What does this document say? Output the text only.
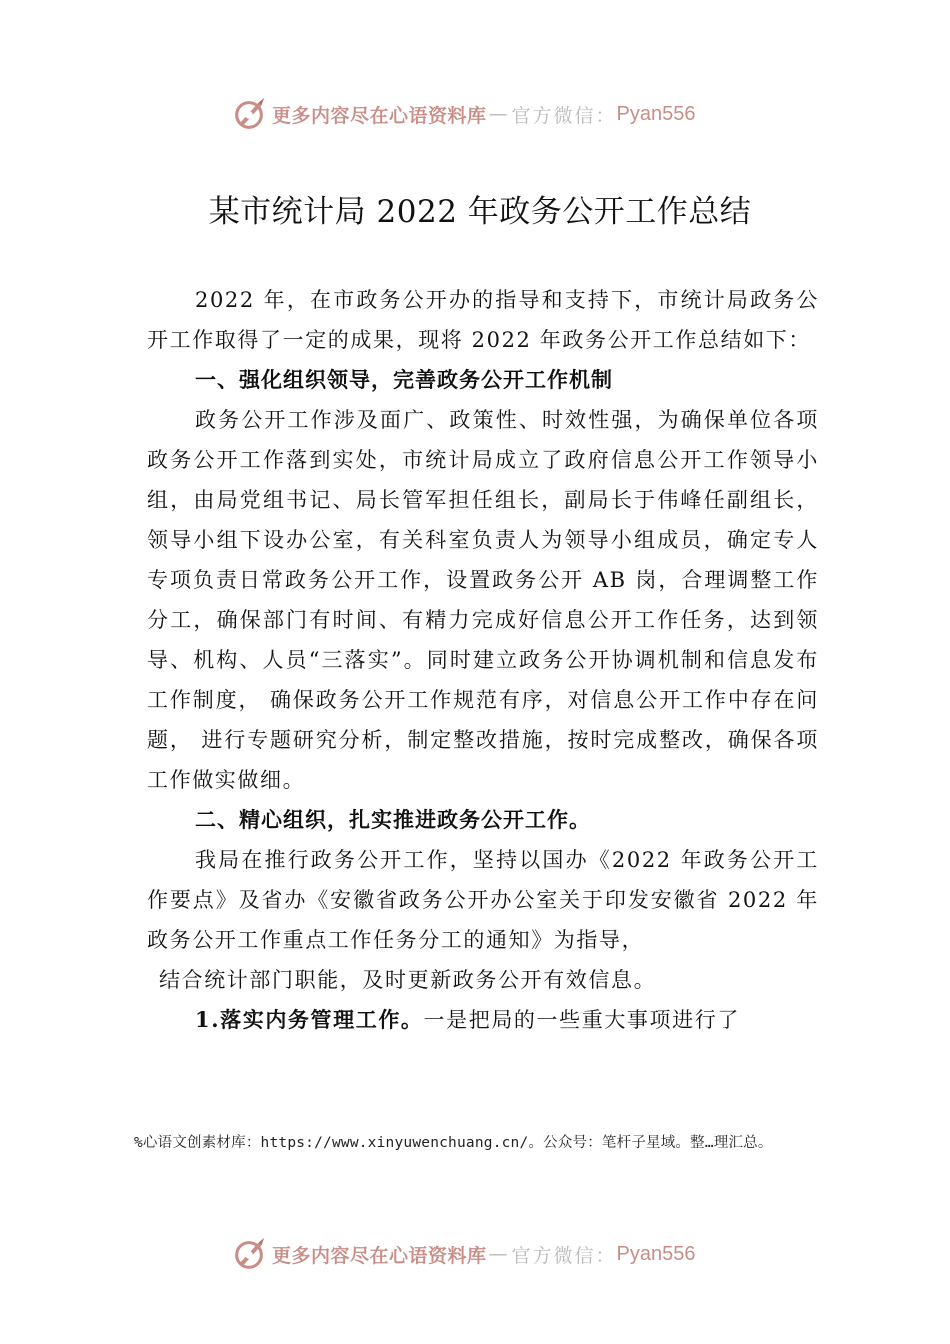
更多内容尽在心语资料库 — 官方微信： Pyan556
某市统计局 2022 年政务公开工作总结

2022 年，在市政务公开办的指导和支持下，市统计局政务公开工作取得了一定的成果，现将 2022 年政务公开工作总结如下：

一、强化组织领导，完善政务公开工作机制

政务公开工作涉及面广、政策性、时效性强，为确保单位各项政务公开工作落到实处，市统计局成立了政府信息公开工作领导小组，由局党组书记、局长管军担任组长，副局长于伟峰任副组长，领导小组下设办公室，有关科室负责人为领导小组成员，确定专人专项负责日常政务公开工作，设置政务公开 AB 岗，合理调整工作分工，确保部门有时间、有精力完成好信息公开工作任务，达到领导、机构、人员“三落实”。同时建立政务公开协调机制和信息发布工作制度， 确保政务公开工作规范有序，对信息公开工作中存在问题， 进行专题研究分析，制定整改措施，按时完成整改，确保各项工作做实做细。

二、精心组织，扎实推进政务公开工作。

我局在推行政务公开工作，坚持以国办《2022 年政务公开工作要点》及省办《安徽省政务公开办公室关于印发安徽省 2022 年政务公开工作重点工作任务分工的通知》为指导，

结合统计部门职能，及时更新政务公开有效信息。

1.落实内务管理工作。一是把局的一些重大事项进行了

%心语文创素材库：https://www.xinyuwenchuang.cn/。公众号：笔杆子星域。整…理汇总。
更多内容尽在心语资料库 — 官方微信： Pyan556
